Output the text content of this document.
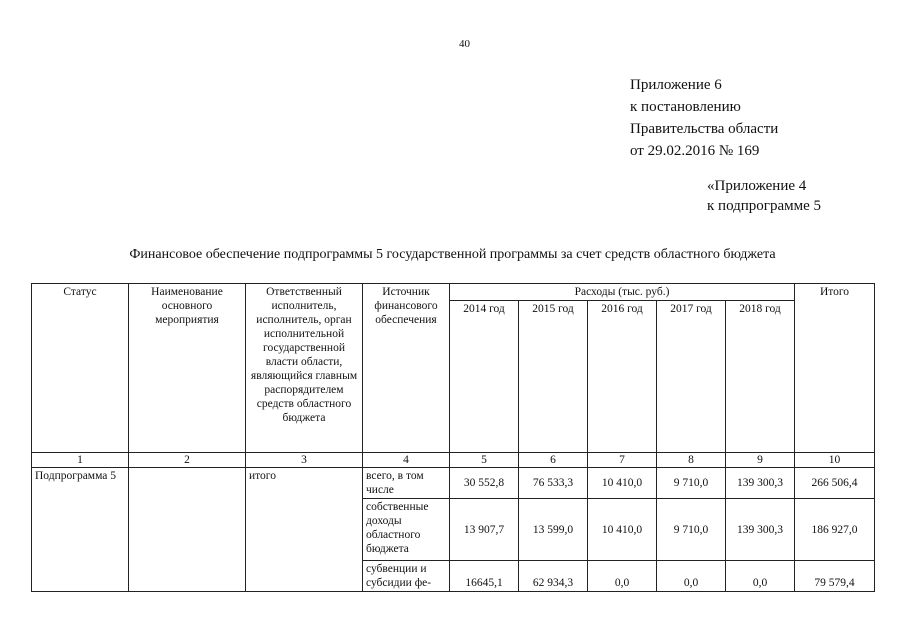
40
Приложение 6
к постановлению
Правительства области
от 29.02.2016 № 169
«Приложение 4
к подпрограмме 5
Финансовое обеспечение подпрограммы 5 государственной программы за счет средств областного бюджета
Статус	Наименование основного мероприятия	Ответственный исполнитель, исполнитель, орган исполнительной государственной власти области, являющийся главным распорядителем средств областного бюджета	Источник финансового обеспечения	Расходы (тыс. руб.)					Итого
				2014 год	2015 год	2016 год	2017 год	2018 год	
1	2	3	4	5	6	7	8	9	10
Подпрограмма 5		итого	всего, в том числе	30 552,8	76 533,3	10 410,0	9 710,0	139 300,3	266 506,4
			собственные доходы областного бюджета	13 907,7	13 599,0	10 410,0	9 710,0	139 300,3	186 927,0
			субвенции и субсидии фе-	16645,1	62 934,3	0,0	0,0	0,0	79 579,4
